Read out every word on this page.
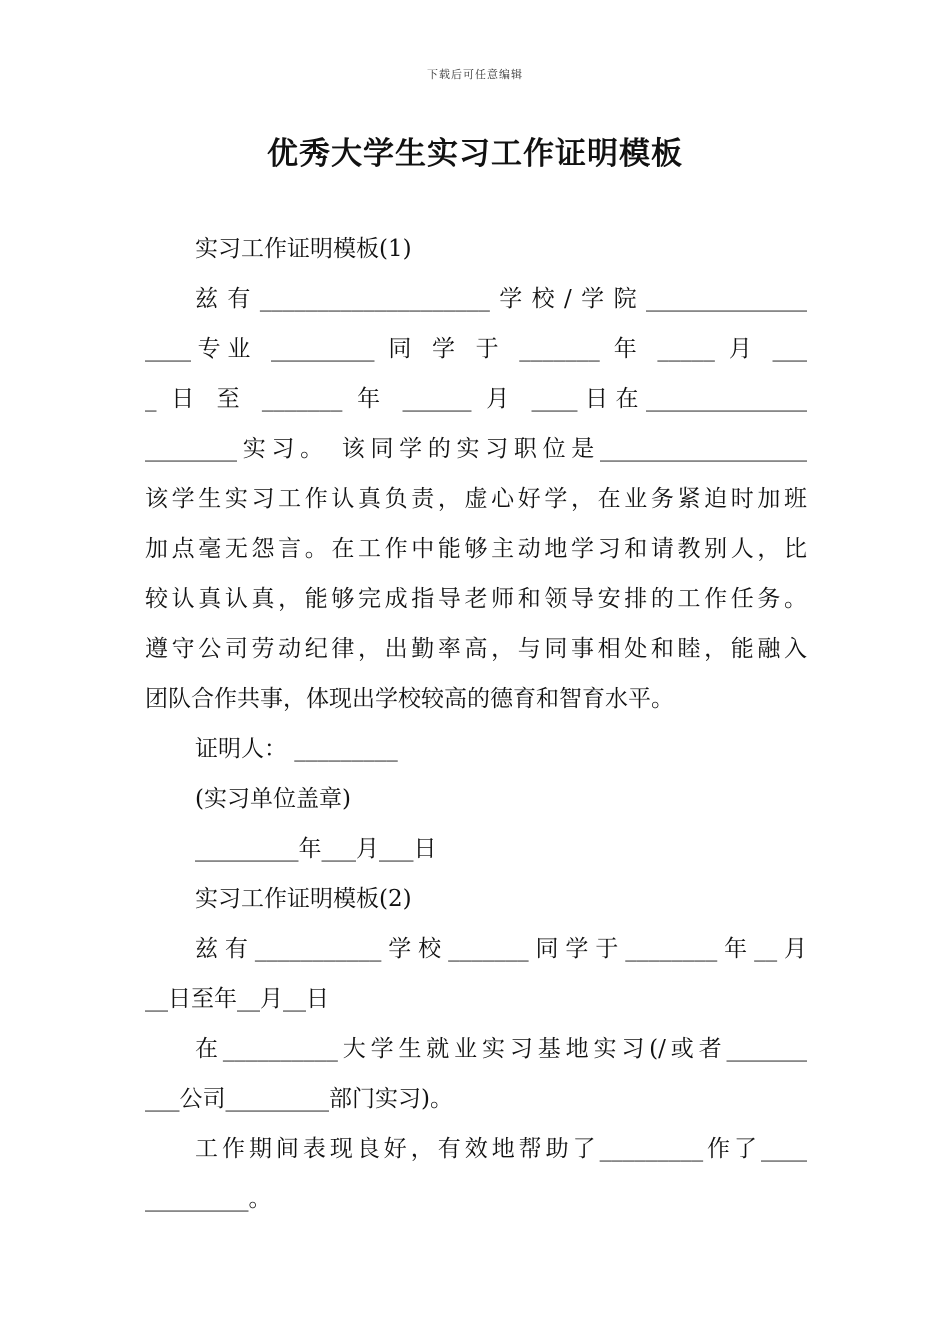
下载后可任意编辑
优秀大学生实习工作证明模板
实习工作证明模板(1)
兹有____________________学校/学院______________
____专业 _________ 同 学 于 _______ 年 _____ 月 ___
_ 日 至 _______ 年 ______ 月 ____日在______________
________实习。 该同学的实习职位是__________________
该学生实习工作认真负责，虚心好学，在业务紧迫时加班
加点毫无怨言。在工作中能够主动地学习和请教别人，比
较认真认真，能够完成指导老师和领导安排的工作任务。
遵守公司劳动纪律，出勤率高，与同事相处和睦，能融入
团队合作共事，体现出学校较高的德育和智育水平。
证明人： _________
(实习单位盖章)
_________年___月___日
实习工作证明模板(2)
兹有___________学校_______同学于________年__月
__日至年__月__日
在__________大学生就业实习基地实习(/或者_______
___公司_________部门实习)。
工作期间表现良好，有效地帮助了_________作了____
_________。
